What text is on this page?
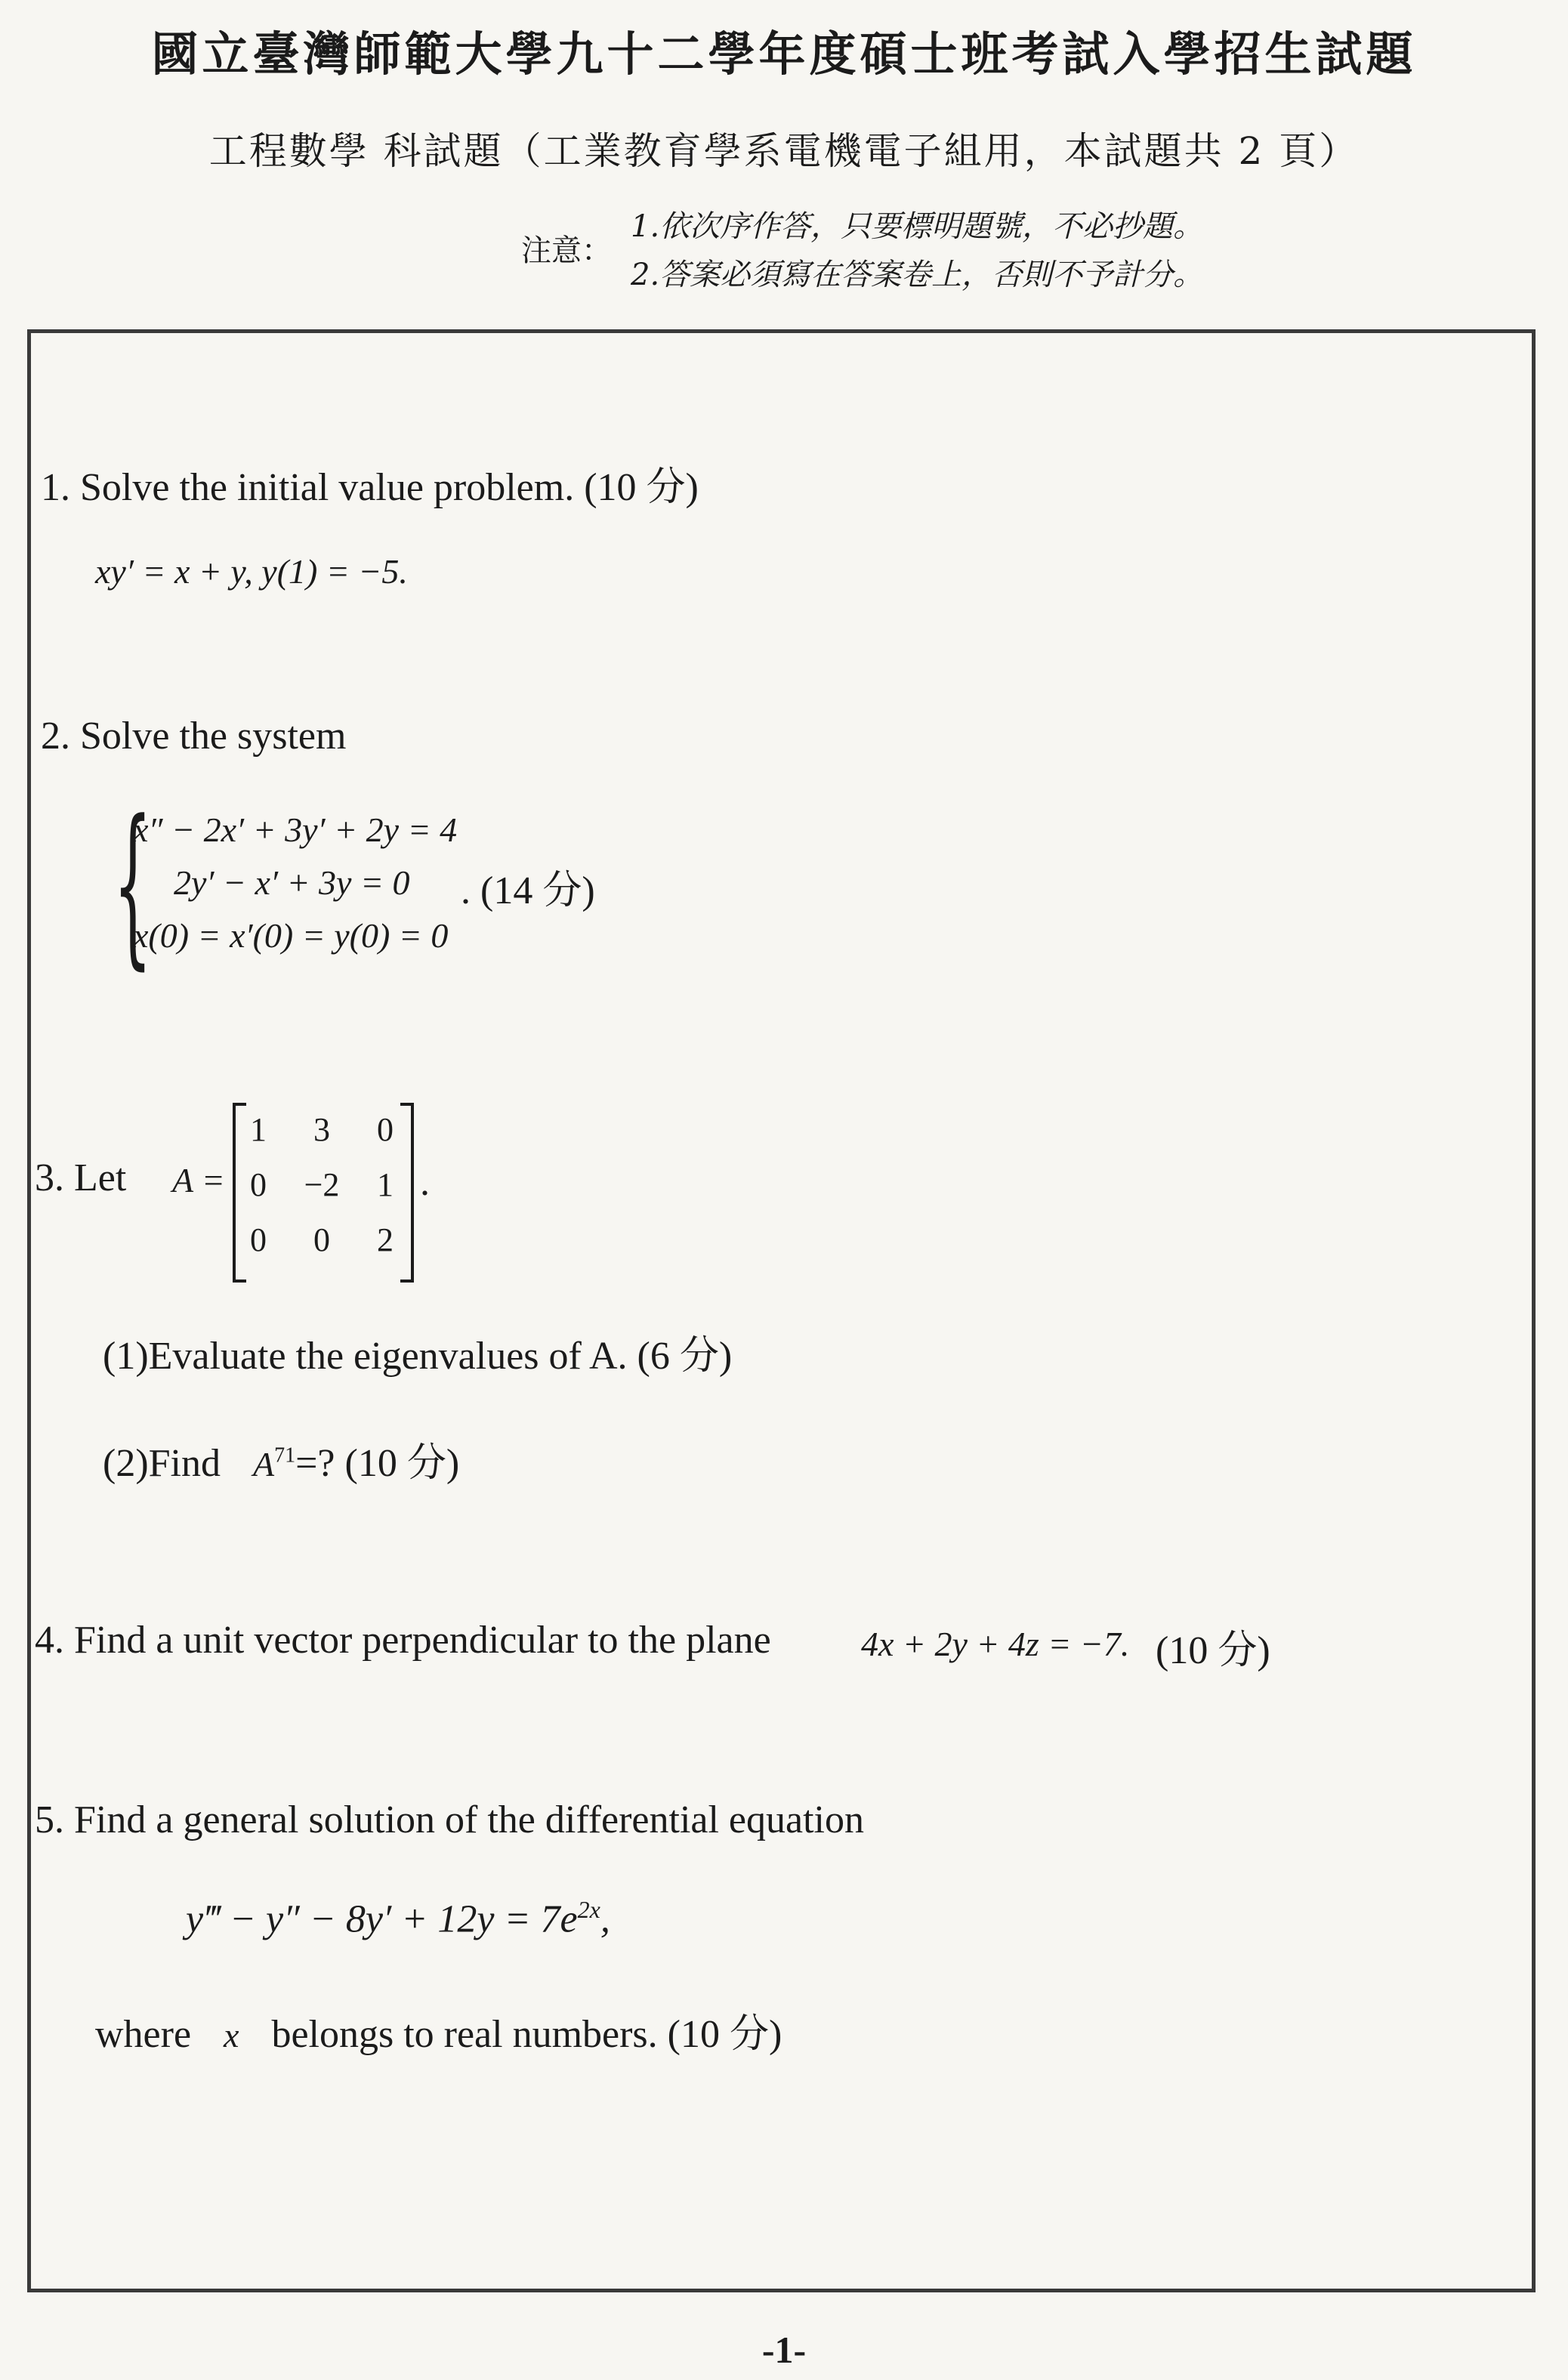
國立臺灣師範大學九十二學年度碩士班考試入學招生試題
工程數學 科試題（工業教育學系電機電子組用，本試題共 2 頁）
注意：
1.依次序作答，只要標明題號，不必抄題。
2.答案必須寫在答案卷上，否則不予計分。
1. Solve the initial value problem. (10 分)
xy′ = x + y, y(1) = −5.
2. Solve the system
{
x″ − 2x′ + 3y′ + 2y = 4
2y′ − x′ + 3y = 0
x(0) = x′(0) = y(0) = 0
. (14 分)
3. Let A =
1	3	0
0	−2	1
0	0	2
.
(1)Evaluate the eigenvalues of A. (6 分)
(2)Find $A^{71}=$? (10 分)
4. Find a unit vector perpendicular to the plane	4x + 2y + 4z = −7. (10 分)
5. Find a general solution of the differential equation
y‴ − $y'' - 8y' + 12y = 7e^{2x}$,
where x belongs to real numbers. (10 分)
-1-
